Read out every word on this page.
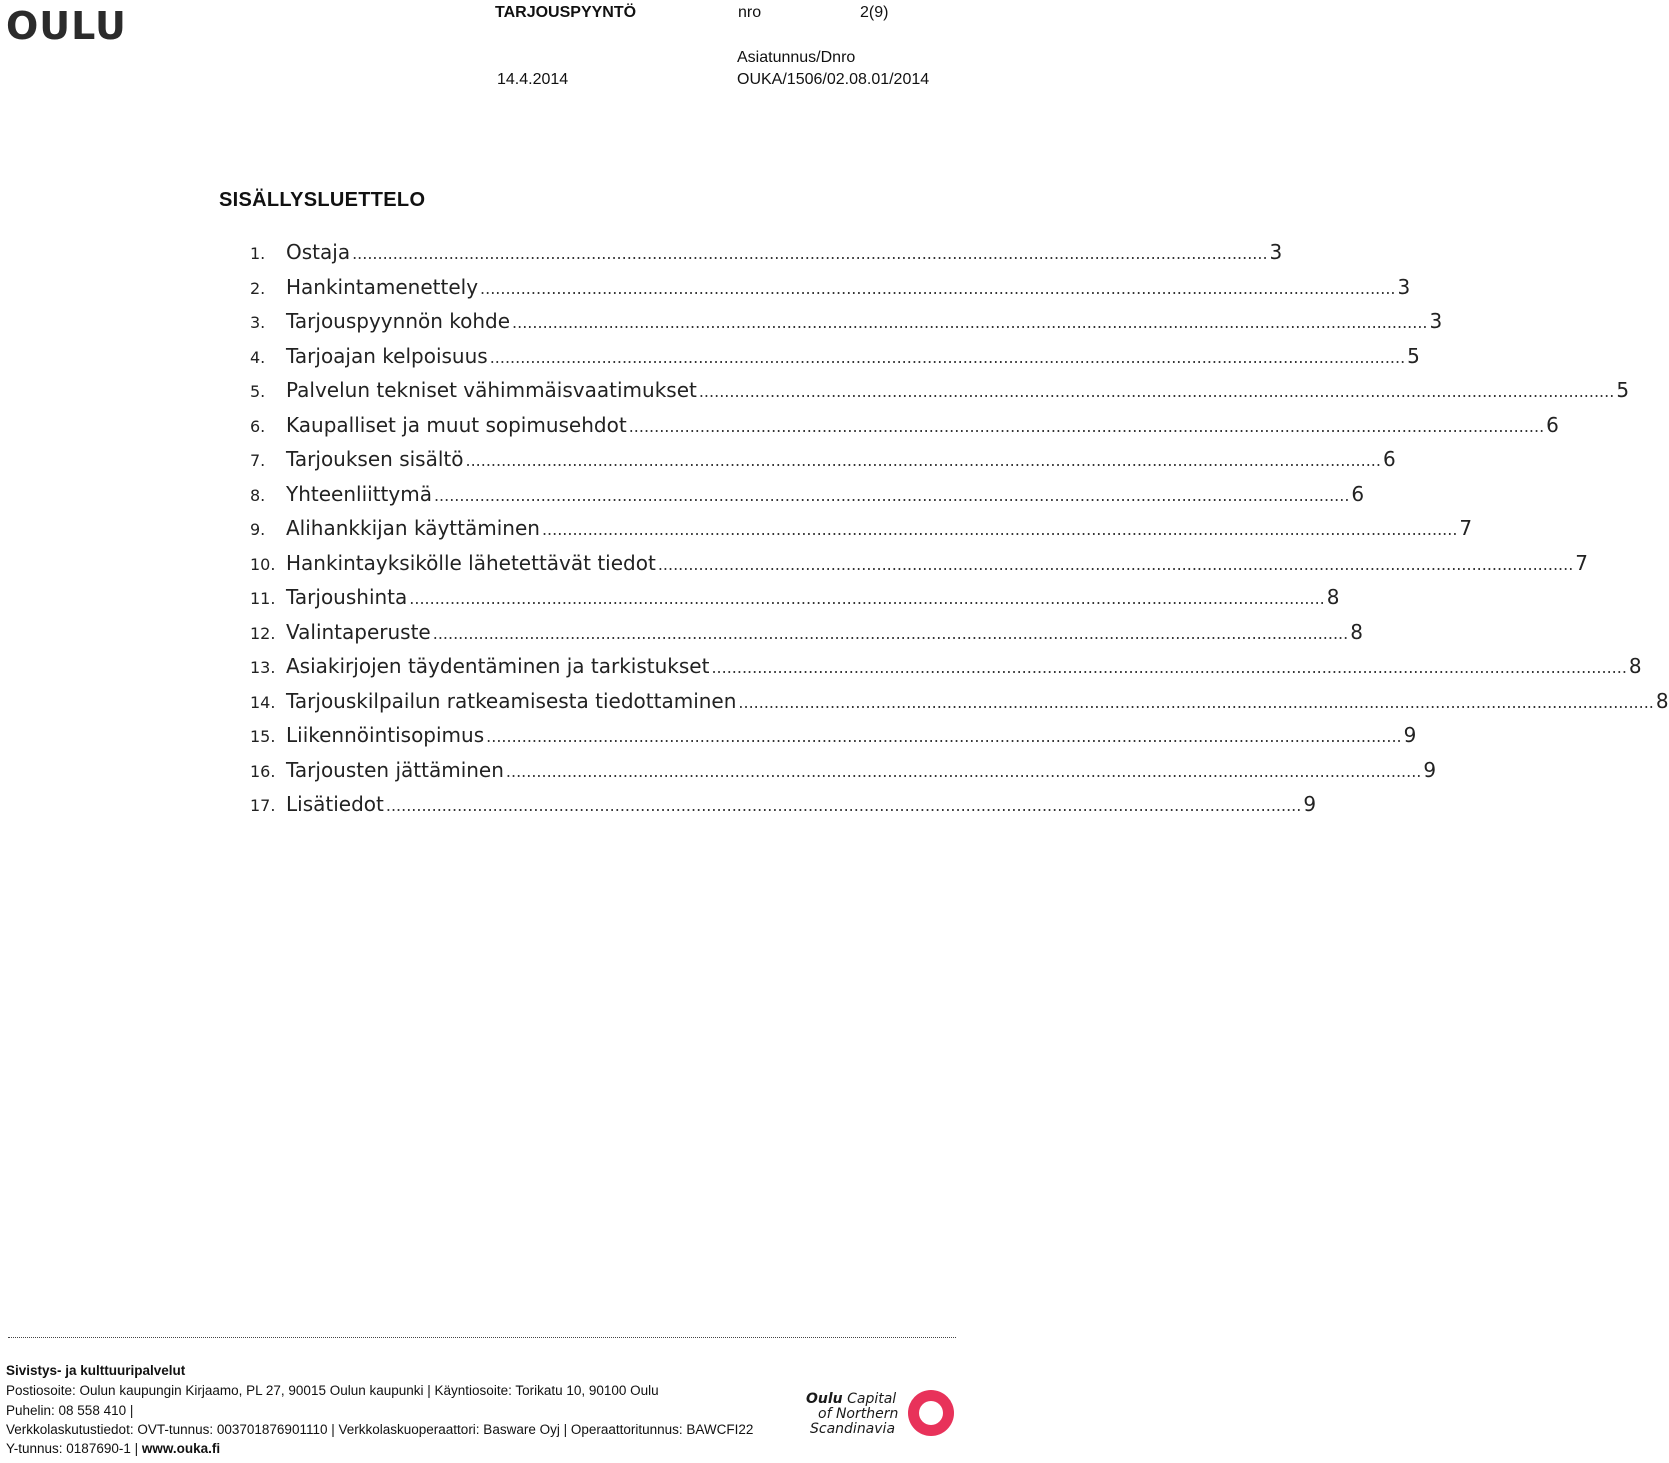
OULU	TARJOUSPYYNTÖ	nro	2(9)
Asiatunnus/Dnro
14.4.2014	OUKA/1506/02.08.01/2014
SISÄLLYSLUETTELO
1.	Ostaja .....	3
2.	Hankintamenettely .....	3
3.	Tarjouspyynnön kohde .....	3
4.	Tarjoajan kelpoisuus .....	5
5.	Palvelun tekniset vähimmäisvaatimukset .....	5
6.	Kaupalliset ja muut sopimusehdot .....	6
7.	Tarjouksen sisältö .....	6
8.	Yhteenliittymä .....	6
9.	Alihankkijan käyttäminen .....	7
10. Hankintayksikölle lähetettävät tiedot .....	7
11. Tarjoushinta .....	8
12. Valintaperuste .....	8
13. Asiakirjojen täydentäminen ja tarkistukset .....	8
14. Tarjouskilpailun ratkeamisesta tiedottaminen .....	8
15. Liikennöintisopimus .....	9
16. Tarjousten jättäminen .....	9
17. Lisätiedot .....	9
Sivistys- ja kulttuuripalvelut
Postiosoite: Oulun kaupungin Kirjaamo, PL 27, 90015 Oulun kaupunki | Käyntiosoite: Torikatu 10, 90100 Oulu
Puhelin: 08 558 410 |
Verkkolaskutustiedot: OVT-tunnus: 003701876901110 | Verkkolaskuoperaattori: Basware Oyj | Operaattoritunnus: BAWCFI22
Y-tunnus: 0187690-1 | www.ouka.fi
Oulu Capital
of Northern
Scandinavia
